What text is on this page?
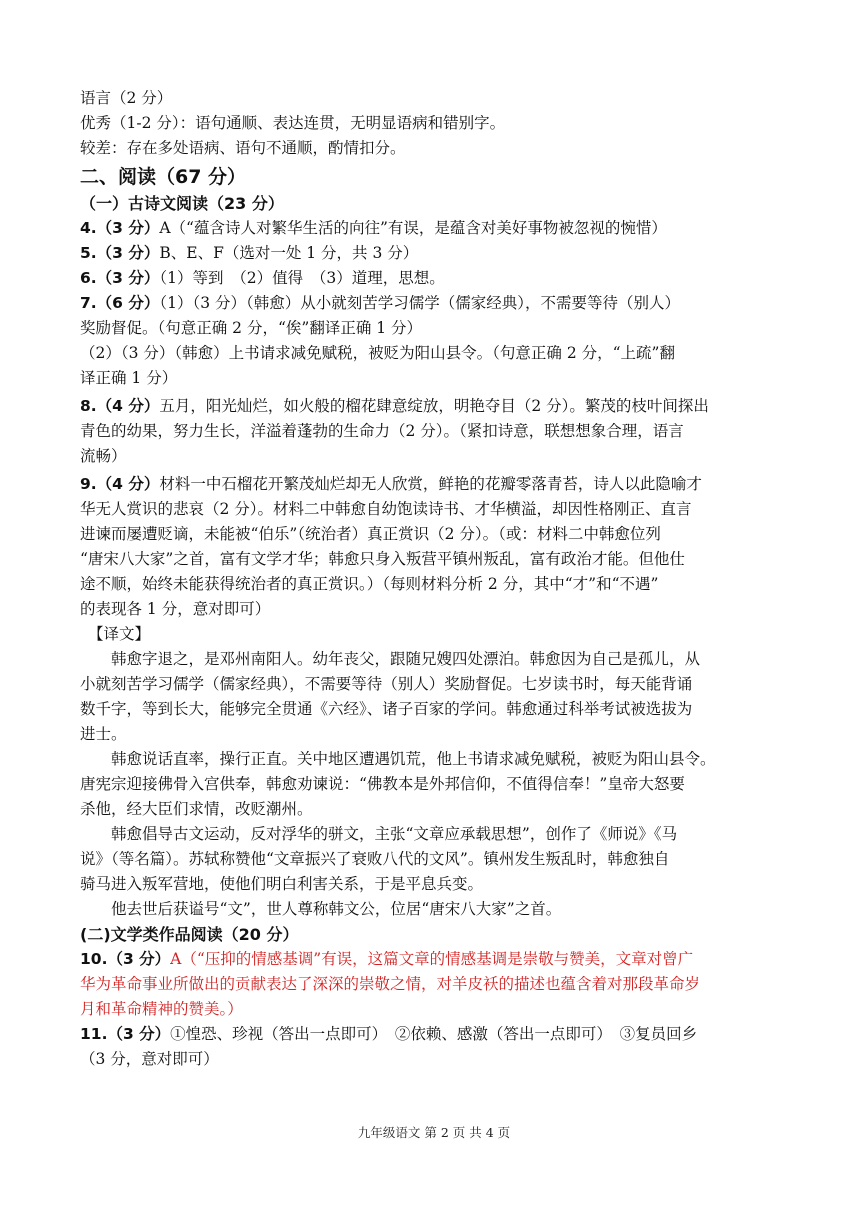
语言（2 分）

优秀（1-2 分）：语句通顺、表达连贯，无明显语病和错别字。

较差：存在多处语病、语句不通顺，酌情扣分。

二、阅读（67 分）

（一）古诗文阅读（23 分）

4.（3 分）A（“蕴含诗人对繁华生活的向往”有误，是蕴含对美好事物被忽视的惋惜）

5.（3 分）B、E、F（选对一处 1 分，共 3 分）

6.（3 分）（1）等到　（2）值得　（3）道理，思想。

7.（6 分）（1）（3 分）（韩愈）从小就刻苦学习儒学（儒家经典），不需要等待（别人）

奖励督促。（句意正确 2 分，“俟”翻译正确 1 分）

（2）（3 分）（韩愈）上书请求减免赋税，被贬为阳山县令。（句意正确 2 分，“上疏”翻

译正确 1 分）

8.（4 分）五月，阳光灿烂，如火般的榴花肆意绽放，明艳夺目（2 分）。繁茂的枝叶间探出

青色的幼果，努力生长，洋溢着蓬勃的生命力（2 分）。（紧扣诗意，联想想象合理，语言

流畅）

9.（4 分）材料一中石榴花开繁茂灿烂却无人欣赏，鲜艳的花瓣零落青苔，诗人以此隐喻才

华无人赏识的悲哀（2 分）。材料二中韩愈自幼饱读诗书、才华横溢，却因性格刚正、直言

进谏而屡遭贬谪，未能被“伯乐”（统治者）真正赏识（2 分）。（或：材料二中韩愈位列

“唐宋八大家”之首，富有文学才华；韩愈只身入叛营平镇州叛乱，富有政治才能。但他仕

途不顺，始终未能获得统治者的真正赏识。）（每则材料分析 2 分，其中“才”和“不遇”

的表现各 1 分，意对即可）

【译文】

韩愈字退之，是邓州南阳人。幼年丧父，跟随兄嫂四处漂泊。韩愈因为自己是孤儿，从

小就刻苦学习儒学（儒家经典），不需要等待（别人）奖励督促。七岁读书时，每天能背诵

数千字，等到长大，能够完全贯通《六经》、诸子百家的学问。韩愈通过科举考试被选拔为

进士。

韩愈说话直率，操行正直。关中地区遭遇饥荒，他上书请求减免赋税，被贬为阳山县令。

唐宪宗迎接佛骨入宫供奉，韩愈劝谏说：“佛教本是外邦信仰，不值得信奉！”皇帝大怒要

杀他，经大臣们求情，改贬潮州。

韩愈倡导古文运动，反对浮华的骈文，主张“文章应承载思想”，创作了《师说》《马

说》（等名篇）。苏轼称赞他“文章振兴了衰败八代的文风”。镇州发生叛乱时，韩愈独自

骑马进入叛军营地，使他们明白利害关系，于是平息兵变。

他去世后获谥号“文”，世人尊称韩文公，位居“唐宋八大家”之首。

(二)文学类作品阅读（20 分）

10.（3 分）A（“压抑的情感基调”有误，这篇文章的情感基调是崇敬与赞美，文章对曾广

华为革命事业所做出的贡献表达了深深的崇敬之情，对羊皮袄的描述也蕴含着对那段革命岁

月和革命精神的赞美。）

11.（3 分）①惶恐、珍视（答出一点即可）　②依赖、感激（答出一点即可）　③复员回乡

（3 分，意对即可）

九年级语文 第 2 页 共 4 页
